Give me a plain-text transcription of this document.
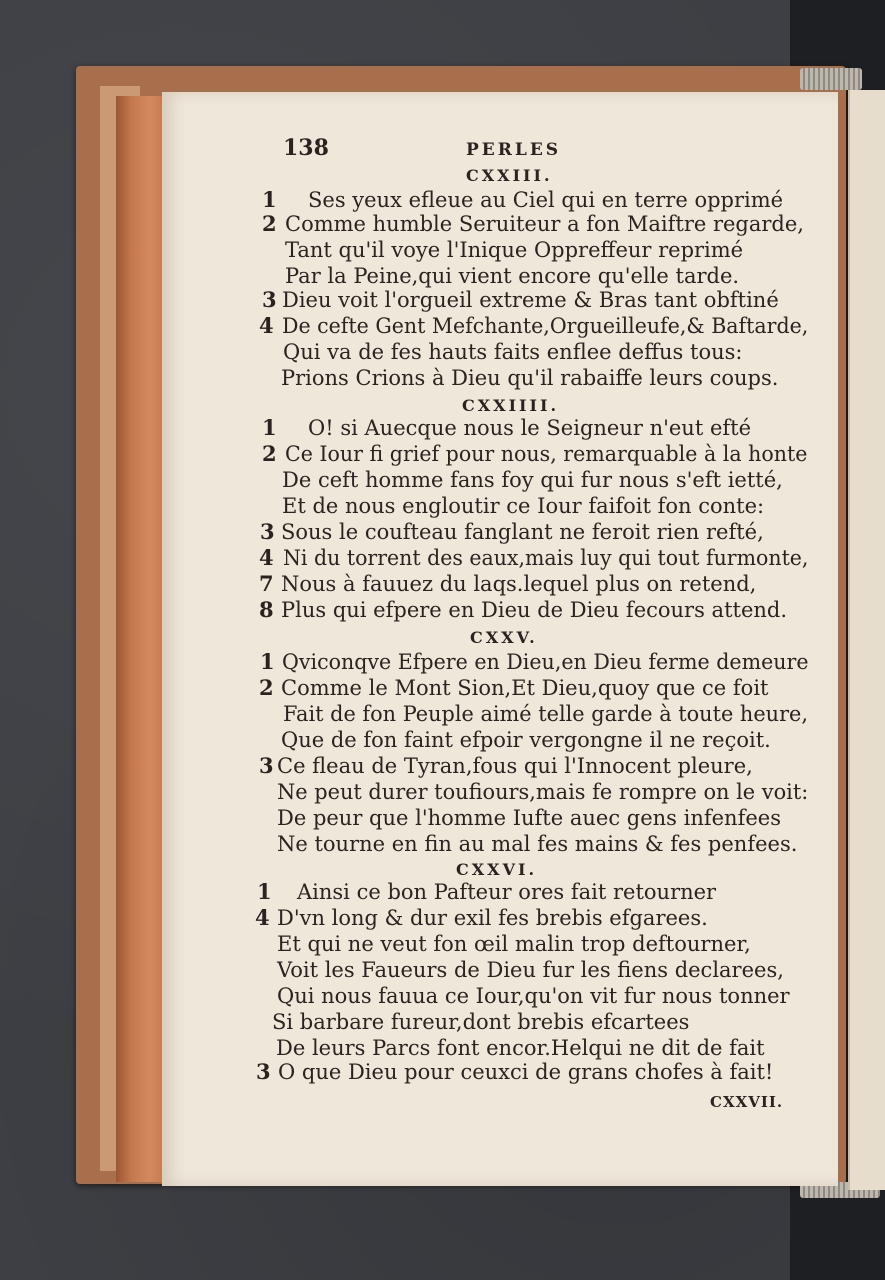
138	PERLES
CXXIII.
1 Ses yeux efleue au Ciel qui en terre opprimé
2 Comme humble Seruiteur a fon Maiftre regarde,
Tant qu'il voye l'Inique Oppreffeur reprimé
Par la Peine,qui vient encore qu'elle tarde.
3 Dieu voit l'orgueil extreme & Bras tant obftiné
4 De cefte Gent Mefchante,Orgueilleufe,& Baftarde,
Qui va de fes hauts faits enflee deffus tous:
Prions Crions à Dieu qu'il rabaiffe leurs coups.
CXXIIII.
1 O! si Auecque nous le Seigneur n'eut efté
2 Ce Iour fi grief pour nous, remarquable à la honte
De ceft homme fans foy qui fur nous s'eft ietté,
Et de nous engloutir ce Iour faifoit fon conte:
3 Sous le coufteau fanglant ne feroit rien refté,
4 Ni du torrent des eaux,mais luy qui tout furmonte,
7 Nous à fauuez du laqs.lequel plus on retend,
8 Plus qui efpere en Dieu de Dieu fecours attend.
CXXV.
1 Qviconqve Efpere en Dieu,en Dieu ferme demeure
2 Comme le Mont Sion,Et Dieu,quoy que ce foit
Fait de fon Peuple aimé telle garde à toute heure,
Que de fon faint efpoir vergongne il ne reçoit.
3 Ce fleau de Tyran,fous qui l'Innocent pleure,
Ne peut durer toufiours,mais fe rompre on le voit:
De peur que l'homme Iufte auec gens infenfees
Ne tourne en fin au mal fes mains & fes penfees.
CXXVI.
1 Ainsi ce bon Pafteur ores fait retourner
4 D'vn long & dur exil fes brebis efgarees.
Et qui ne veut fon œil malin trop deftourner,
Voit les Faueurs de Dieu fur les fiens declarees,
Qui nous fauua ce Iour,qu'on vit fur nous tonner
Si barbare fureur,dont brebis efcartees
De leurs Parcs font encor.Helqui ne dit de fait
3 O que Dieu pour ceuxci de grans chofes à fait!
CXXVII.
